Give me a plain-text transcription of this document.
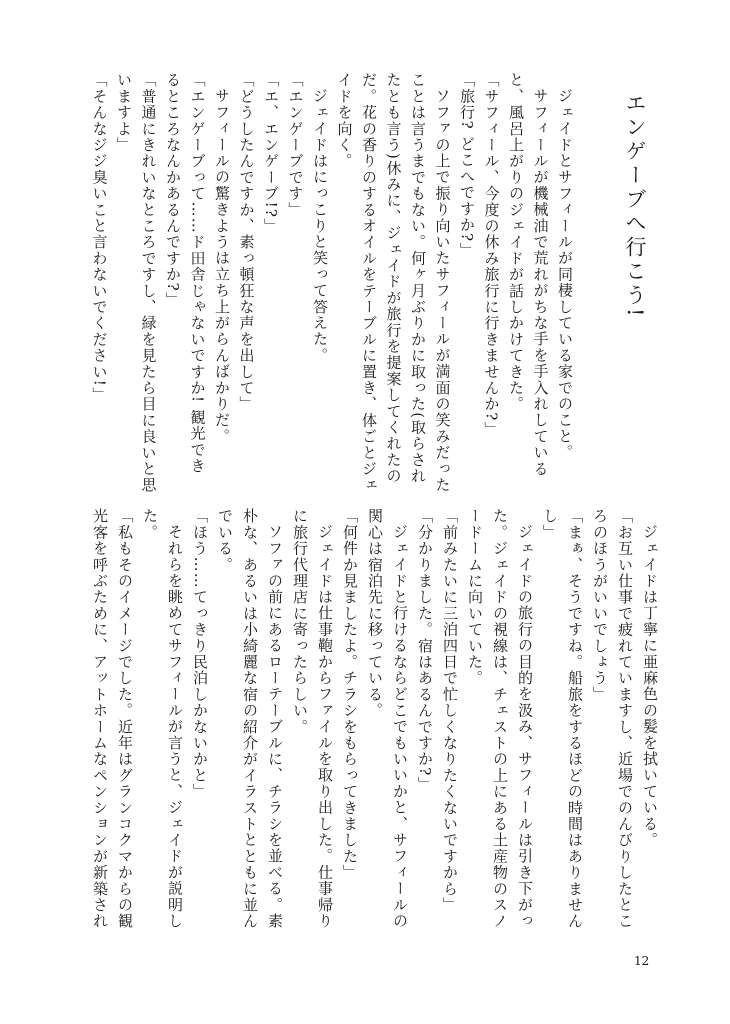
エンゲーブへ行こう!
ジェイドとサフィールが同棲している家でのこと。
サフィールが機械油で荒れがちな手を手入れしている
と、風呂上がりのジェイドが話しかけてきた。
「サフィール、今度の休み旅行に行きませんか?」
「旅行? どこへですか?」
ソファの上で振り向いたサフィールが満面の笑みだった
ことは言うまでもない。何ヶ月ぶりかに取った(取らされ
たとも言う)休みに、ジェイドが旅行を提案してくれたの
だ。花の香りのするオイルをテーブルに置き、体ごとジェ
イドを向く。
ジェイドはにっこりと笑って答えた。
「エンゲーブです」
「エ、エンゲーブ!?」
「どうしたんですか、素っ頓狂な声を出して」
サフィールの驚きようは立ち上がらんばかりだ。
「エンゲーブって……ド田舎じゃないですか! 観光でき
るところなんかあるんですか?」
「普通にきれいなところですし、緑を見たら目に良いと思
いますよ」
「そんなジジ臭いこと言わないでください!」
ジェイドは丁寧に亜麻色の髪を拭いている。
「お互い仕事で疲れていますし、近場でのんびりしたとこ
ろのほうがいいでしょう」
「まぁ、そうですね。船旅をするほどの時間はありません
し」
ジェイドの旅行の目的を汲み、サフィールは引き下がっ
た。ジェイドの視線は、チェストの上にある土産物のスノ
ードームに向いていた。
「前みたいに三泊四日で忙しくなりたくないですから」
「分かりました。宿はあるんですか?」
ジェイドと行けるならどこでもいいかと、サフィールの
関心は宿泊先に移っている。
「何件か見ましたよ。チラシをもらってきました」
ジェイドは仕事鞄からファイルを取り出した。仕事帰り
に旅行代理店に寄ったらしい。
ソファの前にあるローテーブルに、チラシを並べる。素
朴な、あるいは小綺麗な宿の紹介がイラストとともに並ん
でいる。
「ほう……てっきり民泊しかないかと」
それらを眺めてサフィールが言うと、ジェイドが説明し
た。
「私もそのイメージでした。近年はグランコクマからの観
光客を呼ぶために、アットホームなペンションが新築され
12
